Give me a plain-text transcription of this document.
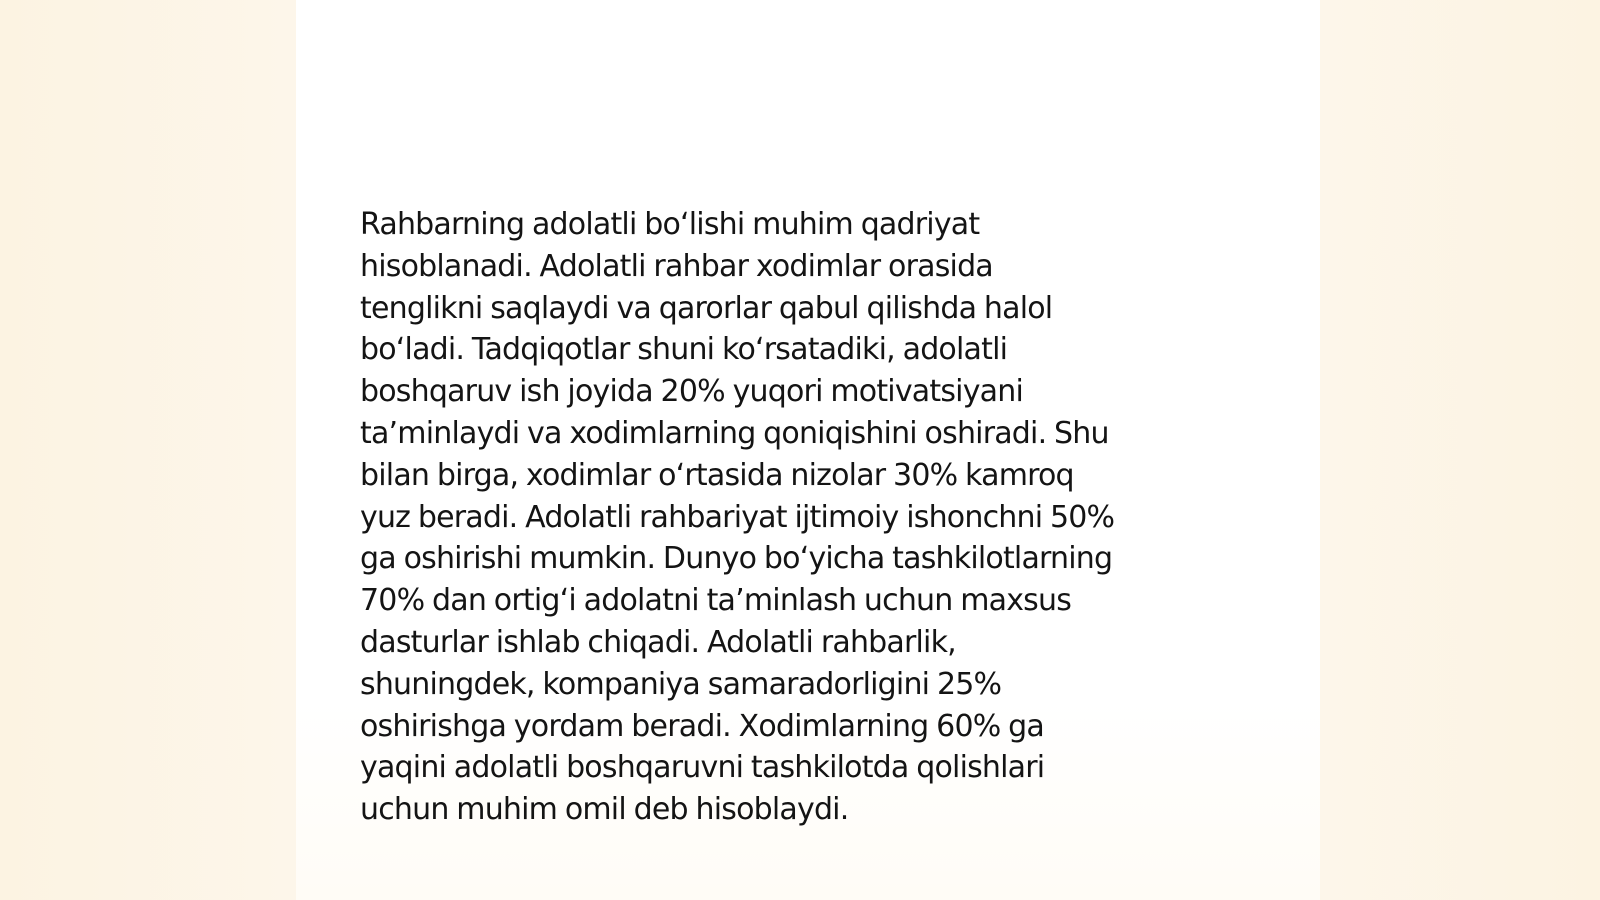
Rahbarning adolatli bo‘lishi muhim qadriyat
hisoblanadi. Adolatli rahbar xodimlar orasida
tenglikni saqlaydi va qarorlar qabul qilishda halol
bo‘ladi. Tadqiqotlar shuni ko‘rsatadiki, adolatli
boshqaruv ish joyida 20% yuqori motivatsiyani
ta’minlaydi va xodimlarning qoniqishini oshiradi. Shu
bilan birga, xodimlar o‘rtasida nizolar 30% kamroq
yuz beradi. Adolatli rahbariyat ijtimoiy ishonchni 50%
ga oshirishi mumkin. Dunyo bo‘yicha tashkilotlarning
70% dan ortig‘i adolatni ta’minlash uchun maxsus
dasturlar ishlab chiqadi. Adolatli rahbarlik,
shuningdek, kompaniya samaradorligini 25%
oshirishga yordam beradi. Xodimlarning 60% ga
yaqini adolatli boshqaruvni tashkilotda qolishlari
uchun muhim omil deb hisoblaydi.
